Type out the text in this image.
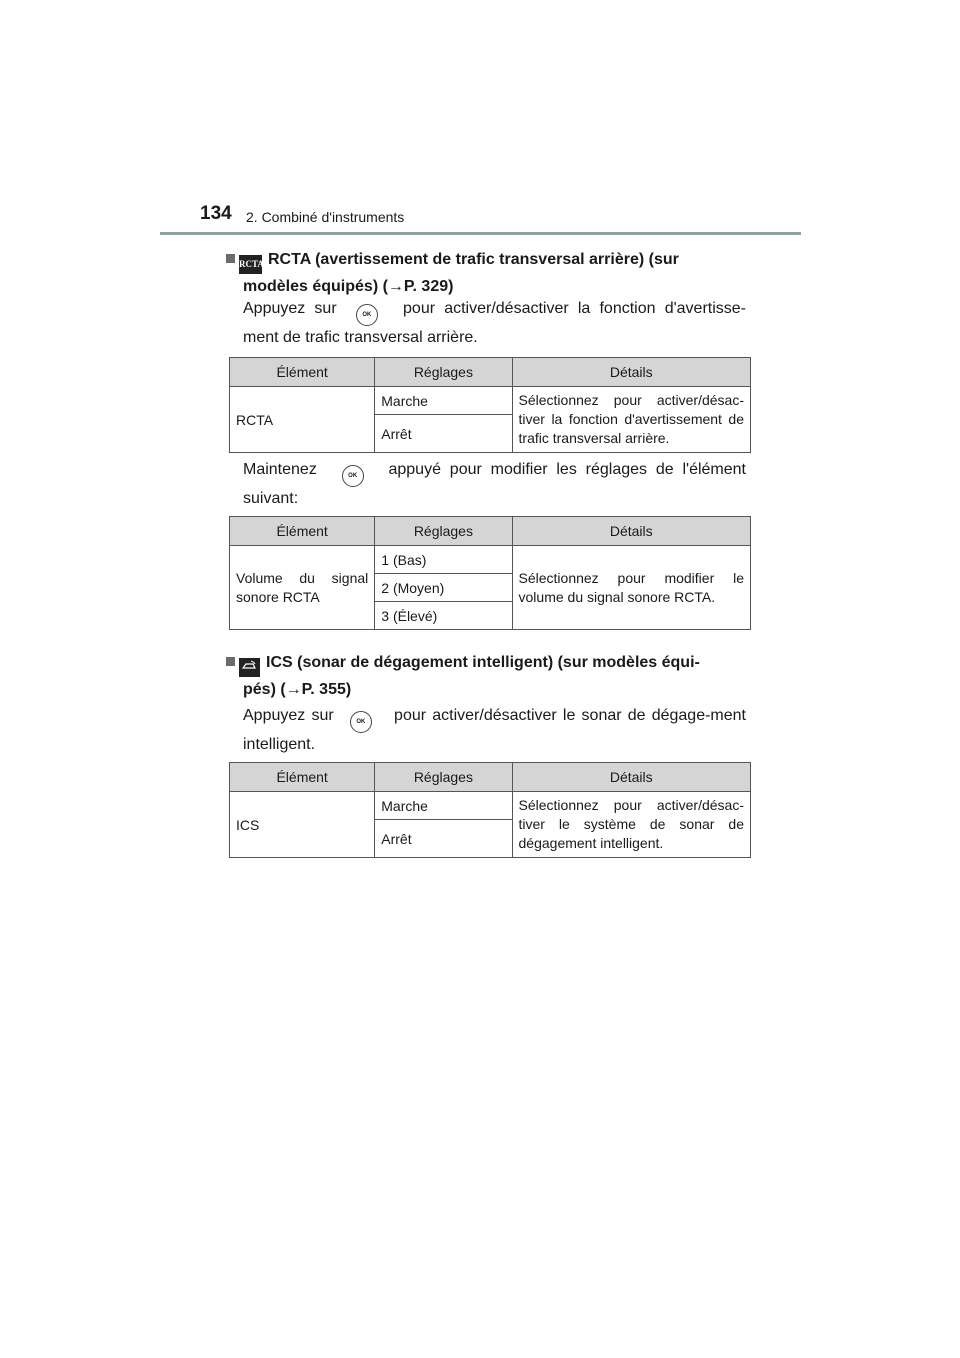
134 2. Combiné d'instruments
RCTA RCTA (avertissement de trafic transversal arrière) (sur
modèles équipés) (→P. 329)
Appuyez sur	OK pour activer/désactiver la fonction d'avertisse-ment de trafic transversal arrière.
Élément	Réglages	Détails
RCTA	Marche	Sélectionnez pour activer/désac-tiver la fonction d'avertissement de trafic transversal arrière.
	Arrêt	
Maintenez	OK appuyé pour modifier les réglages de l'élément suivant:
Élément	Réglages	Détails
Volume du signal sonore RCTA	1 (Bas)	Sélectionnez pour modifier le volume du signal sonore RCTA.
	2 (Moyen)	
	3 (Élevé)	
ICS (sonar de dégagement intelligent) (sur modèles équi-
pés) (→P. 355)
Appuyez sur	OK pour activer/désactiver le sonar de dégage-ment intelligent.
Élément	Réglages	Détails
ICS	Marche	Sélectionnez pour activer/désac-tiver le système de sonar de dégagement intelligent.
	Arrêt	
